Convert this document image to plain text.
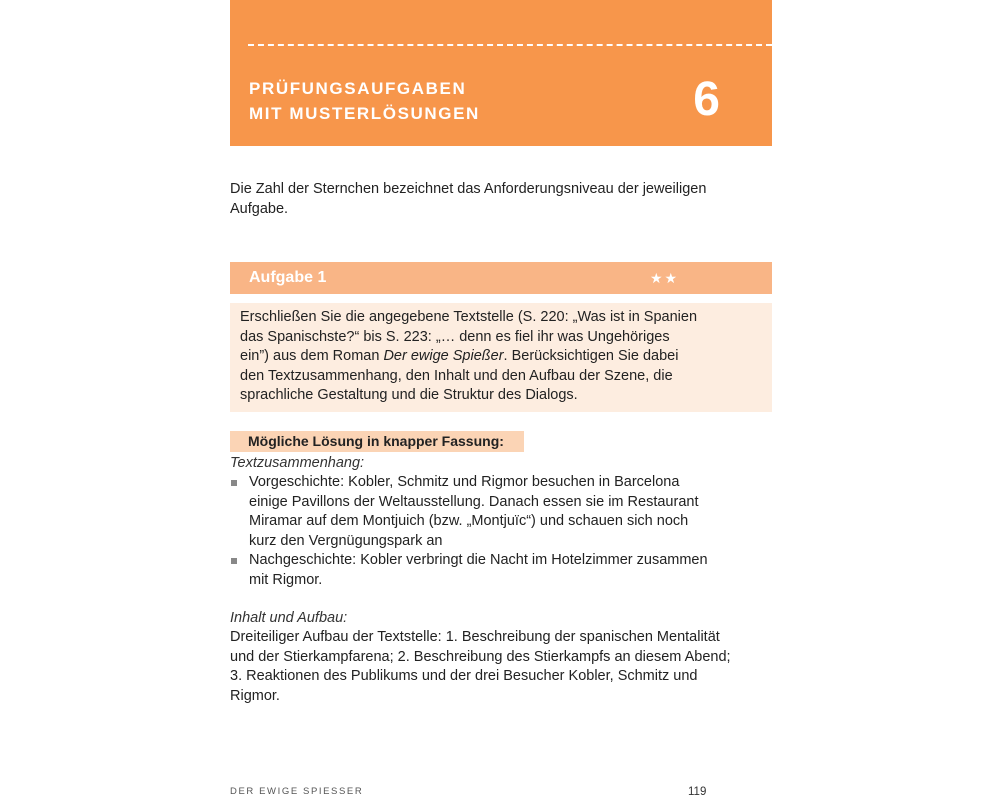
PRÜFUNGSAUFGABEN
MIT MUSTERLÖSUNGEN	6
Die Zahl der Sternchen bezeichnet das Anforderungsniveau der jeweiligen
Aufgabe.
Aufgabe 1	★★
Erschließen Sie die angegebene Textstelle (S. 220: „Was ist in Spanien
das Spanischste?“ bis S. 223: „… denn es fiel ihr was Ungehöriges
ein”) aus dem Roman Der ewige Spießer. Berücksichtigen Sie dabei
den Textzusammenhang, den Inhalt und den Aufbau der Szene, die
sprachliche Gestaltung und die Struktur des Dialogs.
Mögliche Lösung in knapper Fassung:
Textzusammenhang:
Vorgeschichte: Kobler, Schmitz und Rigmor besuchen in Barcelona
einige Pavillons der Weltausstellung. Danach essen sie im Restaurant
Miramar auf dem Montjuich (bzw. „Montjuïc“) und schauen sich noch
kurz den Vergnügungspark an
Nachgeschichte: Kobler verbringt die Nacht im Hotelzimmer zusammen
mit Rigmor.
Inhalt und Aufbau:
Dreiteiliger Aufbau der Textstelle: 1. Beschreibung der spanischen Mentalität
und der Stierkampfarena; 2. Beschreibung des Stierkampfs an diesem Abend;
3. Reaktionen des Publikums und der drei Besucher Kobler, Schmitz und
Rigmor.
DER EWIGE SPIESSER	119
